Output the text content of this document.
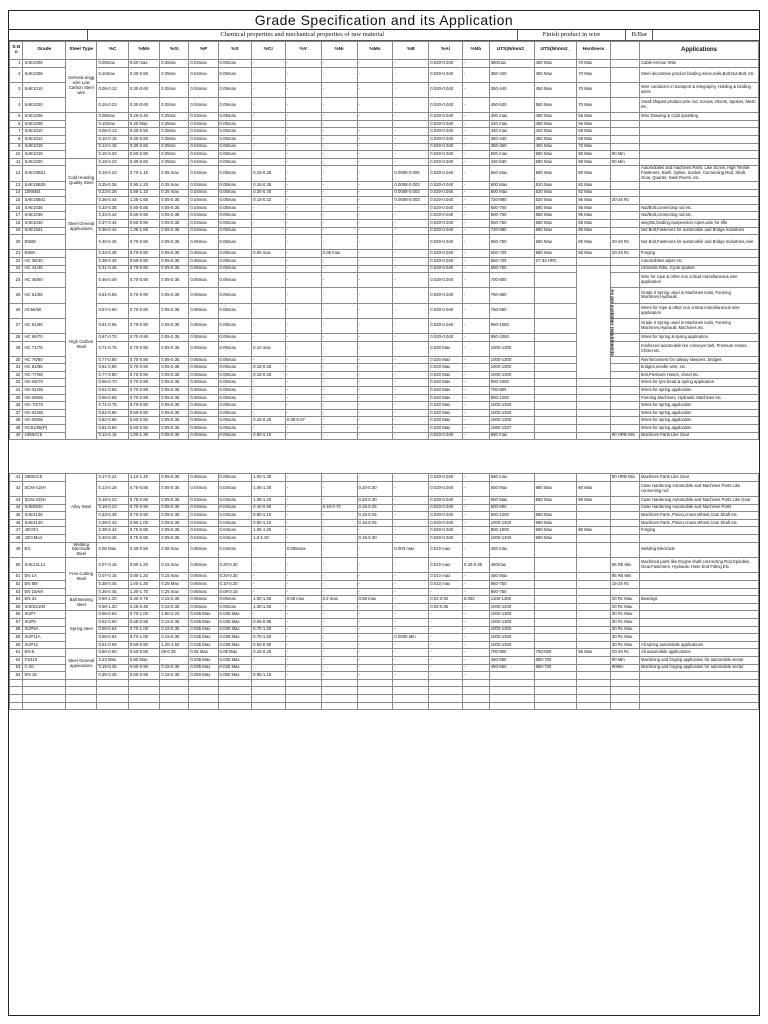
Grade Specification and its Application
Chemical properties and mechanical properties of raw material	Finish product in wire	B/Bar
S.No	Grade	Steel Type	%C	%Mn	%Si	%P	%S	%Cr	%V	%Ni	%Mo	%B	%Al	%Nb	UTS(N/mm2_	UTS(N/mm2_	Hardness		Applications
1	SAE1006	General engg wire Low Carbon Steel wire	0.08max	0.50 max	0.35ma	0.04max	0.05max	-	-	-	-	-	0.020-0.040	-	380max	450 Max	70 Max		Cable Armour Wire
2	SAE1008		0.10max	0.30-0.50	0.35ma	0.04max	0.05max	-	-	-	-	-	0.020-0.040	-	350-420	450 Max	70 Max		Steel decorative product binding wires,nails,Bolt,Nut,Bolt, etc
3	SAE1010		0.08-0.13	0.30-0.60	0.35ma	0.04max	0.05max	-	-	-	-	-	0.020-0.040	-	350-440	450 Max	70 Max		Wire conductor in transport & telegraphy, Holding & binding wires
4	SAE1020		0.18-0.23	0.30-0.60	0.35ma	0.04max	0.05max	-	-	-	-	-	0.020-0.040	-	450-530	580 Max	70 Max		Small shaped product,wire rod, screws, Rivets, Spokes, Mesh etc.
5	SAE1006		0.08max	0.25-0.40	0.35ma	0.04max	0.05max	-	-	-	-	-	0.020-0.040	-	400 max	480 Max	65 Max		Wire Drawing & Cold upsetting
6	SAE1008		0.10max	0.30 Max	0.35ma	0.04max	0.05max	-	-	-	-	-	0.020-0.040	-	420 max	480 Max	65 Max		
7	SAE1010		0.08-0.13	0.30-0.50	0.35ma	0.04max	0.05max	-	-	-	-	-	0.020-0.040	-	440 max	420 Max	65 Max		
8	SAE1012		0.10-0.15	0.30-0.60	0.35ma	0.04max	0.05max	-	-	-	-	-	0.020-0.040	-	350-440	450 Max	65 Max		
9	SAE1015		0.13-0.18	0.30-0.60	0.35ma	0.04max	0.05max	-	-	-	-	-	0.020-0.040	-	350-450	450 Max	70 Max		
10	SAE1018		0.15-0.20	0.60-0.90	0.35ma	0.04max	0.05max	-	-	-	-	-	0.020-0.040	-	500 max	580 Max	80 Max	90 Min	
11	SAE1020	Cold Heading Quality Steel	0.18-0.23	0.30-0.60	0.35ma	0.04max	0.05max	-	-	-	-	-	0.020-0.040	-	420-530	580 Max	80 Max	90 Min	
12	SAE10B21		0.18-0.23	0.70-1.10	0.35 max	0.04max	0.05max	0.15-0.25	-	-	-	0.0008-0.005	0.020-0.040	-	550 Max	580 Max	80 Max		Automobiles and machines Parts, Like Screw, High Tensile Fasteners, Bush, Spline, Socket, Connecting Rod, Shaft, Gear, Quarter, Nails Rivets, etc.
13	SAE15B25		0.25-0.28	0.90-1.20	0.35 max	0.04max	0.05max	0.15-0.25	-	-	-	0.0008-0.003	0.020-0.040	-	600 Max	520 Max	82 Max		
14	10MnB4		0.23-0.26	0.85-1.10	0.35 max	0.04max	0.05max	0.30-0.40	-	-	-	0.0008-0.003	0.020-0.040	-	600 Max	520 Max	82 Max		
15	SAE15B41		0.36-0.44	1.35-1.65	0.05-0.35	0.04max	0.05max	0.15-0.22	-	-	-	0.0008-0.003	0.020-0.040	-	720-880	520 Max	86 Max	20-25 Rc	
16	SAE1035	Steel General applications	0.33-0.35	0.60-0.85	0.05-0.35	0.04max	0.05max	-	-	-	-	-	0.020-0.040	-	600-700	580 Max	85 Max		Nut/Bolt,connecting rod etc.
17	SAE1038		0.33-0.42	0.60-0.90	0.05-0.35	0.04max	0.05max	-	-	-	-	-	0.020-0.040	-	600-700	580 Max	85 Max		Nut/Bolt,connecting rod,etc.
18	SAE1040		0.37-0.44	0.60-0.90	0.05-0.35	0.04max	0.05max	-	-	-	-	-	0.020-0.040	-	650-750	580 Max	85 Max		weights,binding,Suspension ropes,wire for rifle
19	SAE1541		0.36-0.44	1.35-1.65	0.05-0.35	0.04max	0.05max	-	-	-	-	-	0.020-0.040	-	720-880	580 Max	85 Max		Nut Bolt,Fasteners for automobile and Bridge Industries
20	EN8D		0.40-0.45	0.70-0.90	0.05-0.35	0.06max	0.06max	-	-	-	-	-	0.020-0.040	-	650-750	580 Max	85 Max	20-25 Rc	Nut Bolt,Fasteners for automobile and Bridge Industries,Axle
21	EN8A	High Carbon Steel	0.33-0.38	0.70-0.90	0.05-0.35	0.06max	0.06max	0.05 max	-	0.05 max	-	-	0.020-0.040	-	600-700	580 Max	85 Max	20-25 Rc	Forging
22	HC 38/40		0.38-0.40	0.60-0.90	0.05-0.35	0.06max	0.06max	-	-	-	-	-	0.020-0.040	-	650-700	27-33 HRC			Automobiles wiper etc.
23	HC 41/45		0.41-0.45	0.70-0.90	0.05-0.35	0.06max	0.06max	-	-	-	-	-	0.020-0.040	-	650-750		As per customer requirements		Umbrella Ribs, Cycle spokes
24	HC 46/50		0.46-0.49	0.70-0.90	0.05-0.35	0.06max	0.06max	-	-	-	-	-	0.020-0.040	-	700-800				Wire for rope & other non critical miscellaneous wire application
25	HC 51/55		0.51-0.55	0.70-0.90	0.05-0.35	0.06max	0.06max	-	-	-	-	-	0.020-0.040	-	750-850				Grade II Spring used in Machines tools, Forming Machines,Hydraulic
26	HC56/60		0.57-0.60	0.70-0.90	0.05-0.35	0.06max	0.06max	-	-	-	-	-	0.020-0.040	-	750-850				Wires for rope & other non critical miscellaneous wire application
27	HC 61/65		0.61-0.65	0.70-0.90	0.05-0.35	0.06max	0.06max	-	-	-	-	-	0.020-0.040	-	950-1050				Grade II Spring used in Machines tools, Forming Machines,Hydraulic Machines etc.
28	HC 66/70		0.67-0.70	0.70-0.90	0.05-0.35	0.06max	0.06max	-	-	-	-	-	0.020-0.040	-	950-1050				Wires for spring & spring application
29	HC 71/75		0.71-0.75	0.70-0.90	0.05-0.35	0.06max	0.06max	0.10 max	-	-	-	-	0.020 Max	-	1000-1300				reinforced automobile tire conveyor belt, Pressure Hoses, Chisel etc.
30	HC 76/80		0.77-0.80	0.70-0.90	0.05-0.35	0.06max	0.06max	-	-	-	-	-	0.020 Max	-	1000-1300				Reinforcement for railway sleepers, bridges
31	HC 81/85		0.81-0.85	0.70-0.90	0.05-0.35	0.06max	0.06max	0.15-0.25	-	-	-	-	0.020 Max	-	1000-1300				bridges,needle wire, etc.
32	HC-77/80		0.77-0.80	0.70-0.90	0.05-0.35	0.06max	0.06max	0.15-0.25	-	-	-	-	0.020 Max	-	1000-1300				belt,Pressure Hoses, chisel etc.
33	HC-66/70		0.66-0.70	0.70-0.90	0.05-0.35	0.06max	0.06max	-	-	-	-	-	0.020 Max	-	900-1000				Wires for tyre bead & spring application
34	HC-51/55		0.51-0.55	0.70-0.90	0.05-0.35	0.06max	0.06max	-	-	-	-	-	0.020 Max	-	700-800				Wires for spring application
35	HC-66/65		0.66-0.65	0.70-0.90	0.05-0.35	0.06max	0.06max	-	-	-	-	-	0.020 Max	-	800-1200				Forming Machines, Hydraulic Machines etc.
36	HC-70/75		0.71-0.75	0.70-0.90	0.05-0.35	0.06max	0.06max	-	-	-	-	-	0.020 Max	-	1000-1300				Wires for spring application
37	HC-81/85		0.82-0.86	0.60-0.90	0.05-0.35	0.06max	0.06max	-	-	-	-	-	0.020 Max	-	1000-1300				Wires for spring application
38	HC-82/86		0.82-0.86	0.60-0.90	0.05-0.35	0.06max	0.06max	0.15-0.25	0.05-0.07	-	-	-	0.020 Max	-	1000-1300				Wires for spring application
39	HC81/85(P)		0.81-0.84	0.60-0.90	0.05-0.35	0.06max	0.06max	-	-	-	-	-	0.020 Max	-	1060-1207				Wires for spring application
40	10MnCr5		0.12-0.16	1.00-1.30	0.05-0.35	0.06max	0.06max	0.80-1.10	-	-	-	-	0.020-0.040	-	650 max			90 HRB Min	Machines Parts Like Gear

41	20MnCr5	Alloy Steel	0.17-0.22	1.10-1.40	0.05-0.35	0.06max	0.06max	1.00-1.30	-	-	-	-	0.020-0.040	-	650 max			90 HRB Min	Machines Parts Like Gear
42	SCM-415H		0.13-0.18	0.75-0.85	0.05-0.35	0.04max	0.04max	1.05-1.20	-	-	0.20-0.30	-	0.020-0.040	-	650 Max	580 Max	80 Max		Case Hardening Automobile and Machines Parts Like connecting rod
43	SCM-420H		0.18-0.23	0.75-0.85	0.05-0.35	0.04max	0.04max	1.05-1.20	-	-	0.20-0.30	-	0.020-0.040	-	650 Max	580 Max	80 Max		Case Hardening Automobile and Machines Parts Like Gear
44	SAE8620		0.18-0.23	0.70-0.90	0.05-0.35	0.04max	0.04max	0.40-0.60	-	0.40-0.70	0.15-0.25	-	0.020-0.040	-	500-600				Case Hardening Automobile and Machines Parts
45	SAE4135		0.33-0.38	0.70-0.90	0.05-0.35	0.04max	0.04max	0.80-1.10	-	-	0.15-0.25	-	0.020-0.040	-	900-1200	680 Max			Machines Parts ,Pinion,crown,Wheel,Cam Shaft etc.
46	SAE4140		0.38-0.43	0.90-1.00	0.05-0.35	0.04max	0.04max	0.80-1.10	-	-	0.15-0.25	-	0.020-0.040	-	1000-1400	680 Max			Machines Parts ,Pinion,crown,Wheel,Cam Shaft etc.
47	40CR4		0.38-0.43	0.75-0.85	0.05-0.35	0.04max	0.04max	1.05-1.20	-	-	-	-	0.020-0.040	-	800-1000	680 Max	90 Max		Forging
48	42CrMo4		0.40-0.45	0.75-0.85	0.05-0.35	0.04max	0.04max	1.0-1.20	-	-	0.15-0.30	-	0.020-0.040	-	1000-1400	680 Max			
49	EG	Welding Electrode Steel	0.08 Max	0.30-0.50	0.38 max	0.06max	0.04max	-	0.005max	-	-	0.003 max	0.010 max	-	420 max				Welding Electrode
50	SAE12L14	Free Cutting Steel	0.07-0.15	0.80-1.20	0.15 max	0.06max	0.20-0.30	-	-	-	-	-	0.010 max	0.20-0.35	450max			85 Rb Min	Machined parts like Engine shaft,connecting Rod,Spindles, Gear,Fasteners, Hydraulic Hose End Fitting Etc.
51	EN 1A		0.07-0.15	0.80-1.20	0.15 max	0.06max	0.20-0.30	-	-	-	-	-	0.010 max	-	450 Max			85 Rb Min	
52	EN 8M		0.35-0.45	1.00-1.30	0.25 Max	0.06max	0.10-0.20	-	-	-	-	-	0.010 max	-	650-750			15-25 Rc	
53	EN 15AM		0.35-0.45	1.30-1.70	0.25 max	0.06max	0.08-0.15	-	-	-	-	-	-	-	800-750				
54	EN 31	Ball Bearing steel	0.90-1.20	0.30-0.75	0.15-0.35	0.06max	0.06max	1.00-1.60	0.05 max	0.2 max	0.06 max	-	0.01-0.02	0.002	1100-1450			20 Rc Max	Bearings
55	SAE52100		0.98-1.20	0.25-0.45	0.15-0.35	0.06max	0.05max	1.30-1.60	-	-	-	-	0.02-0.05	-	1000-1400			20 Rc Max	
56	SUP7	Spring steel	0.56-0.64	0.70-1.00	1.80-2.20	0.035 Max	0.035 Max	-	-	-	-	-	-	-	1000-1300			30 Rc Max	
57	SUP9		0.52-0.60	0.65-0.95	0.15-0.35	0.035 Max	0.035 Max	0.65-0.95	-	-	-	-	-	-	1000-1300			30 Rc Max	
58	SUP9A		0.56-0.64	0.70-1.00	0.15-0.35	0.035 Max	0.035 Max	0.70-1.00	-	-	-	-	-	-	1000-1300			30 Rc Max	
59	SUP11A		0.56-0.64	0.70-1.00	0.15-0.35	0.035 Max	0.035 Max	0.70-1.00	-	-	-	0.0005 Min	-	-	1000-1300			30 Rc Max	
60	SUP12		0.51-0.59	0.60-0.90	1.20-1.60	0.035 Max	0.035 Max	0.60-0.90	-	-	-	-	-	-	1000-1300			30 Rc Max	All spring automobile applications
61	EN-9	Steel General applications	0.50-0.60	0.50-0.80	05-0.35	0.06 Max	0.06 Max	0.15-0.25	-	-	-	-	-	-	700-800	750-800	85 Max	20-25 Rc	All automobile applications
62	FS410		0.23 Max	0.80 Max	-	0.035 Max	0.035 Max	-	-	-	-	-	-	-	450-550	680-700		90 Min	Machining and forging application for automobile sector
63	C-20		0.15-0.25	0.60-0.90	0.15-0.35	0.035 Max	0.035 Max	-	-	-	-	-	-	-	450-550	680-700		90Min	Machining and forging application for automobile sector
64	EN-18		0.35-0.45	0.60-0.95	0.15-0.35	0.050 Max	0.050 Max	0.85-1.15	-	-	-	-	-	-					
